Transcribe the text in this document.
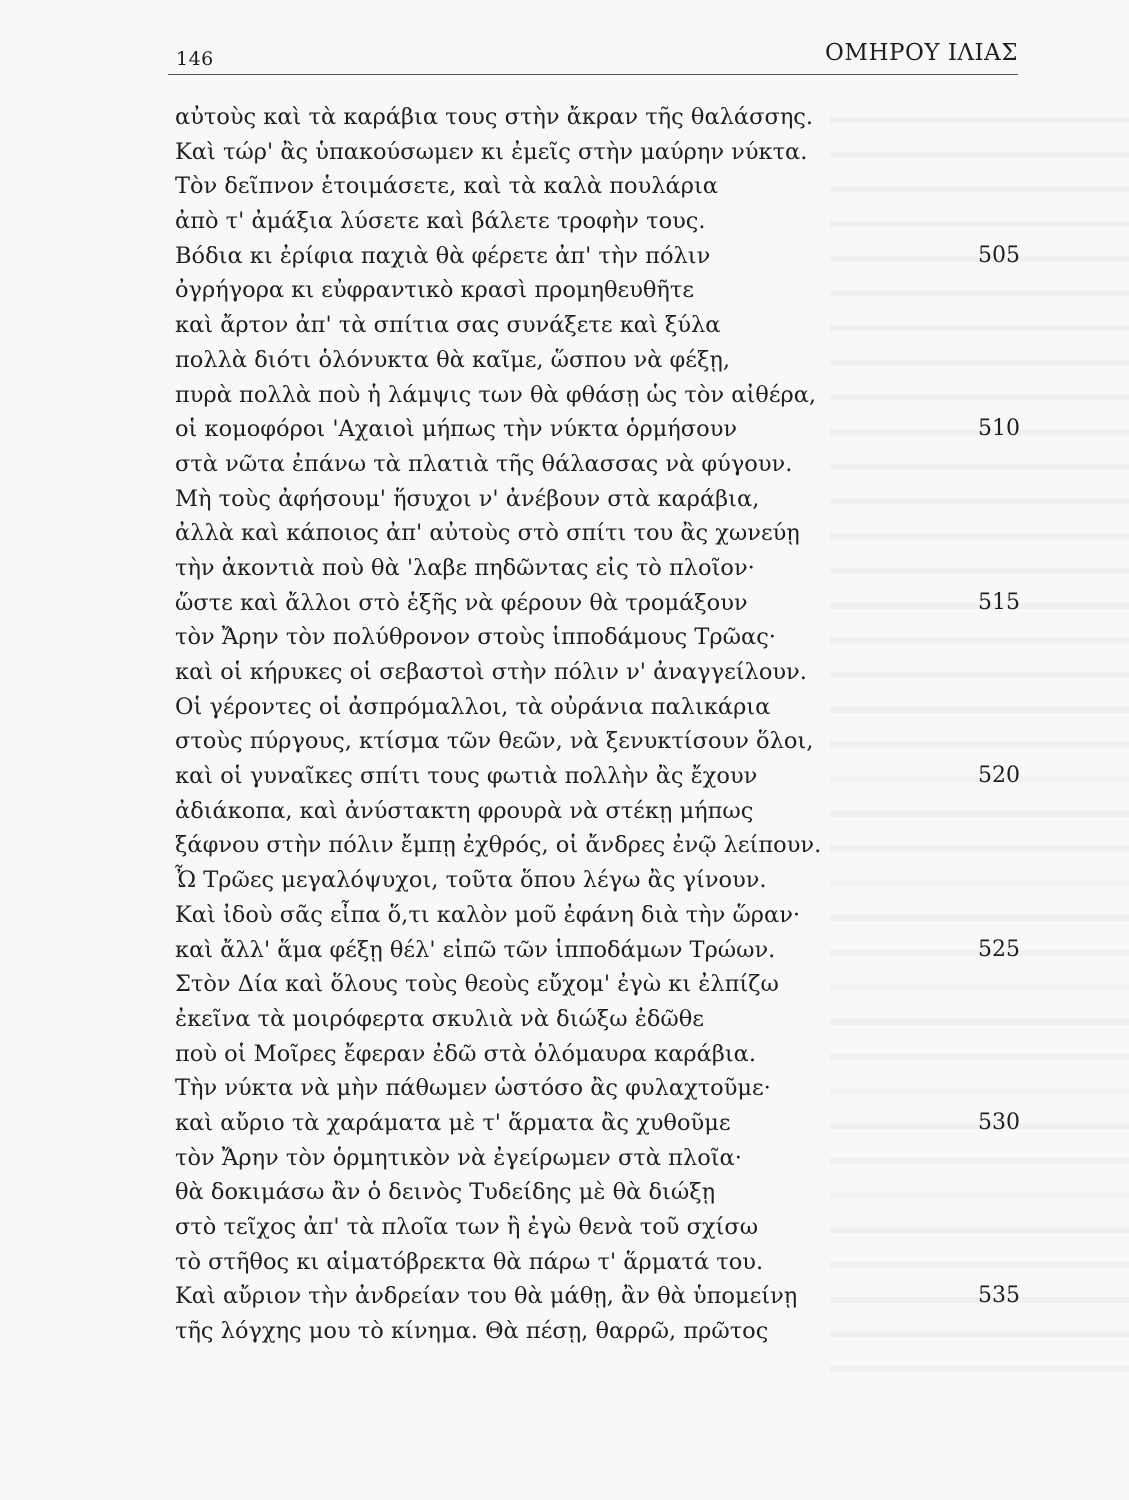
146	ΟΜΗΡΟΥ ΙΛΙΑΣ
αὐτοὺς καὶ τὰ καράβια τους στὴν ἄκραν τῆς θαλάσσης.
Καὶ τώρ' ἂς ὑπακούσωμεν κι ἐμεῖς στὴν μαύρην νύκτα.
Τὸν δεῖπνον ἑτοιμάσετε, καὶ τὰ καλὰ πουλάρια
ἀπὸ τ' ἀμάξια λύσετε καὶ βάλετε τροφὴν τους.
Βόδια κι ἐρίφια παχιὰ θὰ φέρετε ἀπ' τὴν πόλιν	505
ὀγρήγορα κι εὐφραντικὸ κρασὶ προμηθευθῆτε
καὶ ἄρτον ἀπ' τὰ σπίτια σας συνάξετε καὶ ξύλα
πολλὰ διότι ὁλόνυκτα θὰ καῖμε, ὥσπου νὰ φέξῃ,
πυρὰ πολλὰ ποὺ ἡ λάμψις των θὰ φθάσῃ ὡς τὸν αἰθέρα,
οἱ κομοφόροι 'Αχαιοὶ μήπως τὴν νύκτα ὁρμήσουν	510
στὰ νῶτα ἐπάνω τὰ πλατιὰ τῆς θάλασσας νὰ φύγουν.
Μὴ τοὺς ἀφήσουμ' ἥσυχοι ν' ἀνέβουν στὰ καράβια,
ἀλλὰ καὶ κάποιος ἀπ' αὐτοὺς στὸ σπίτι του ἂς χωνεύῃ
τὴν ἀκοντιὰ ποὺ θὰ 'λαβε πηδῶντας εἰς τὸ πλοῖον·
ὥστε καὶ ἄλλοι στὸ ἑξῆς νὰ φέρουν θὰ τρομάξουν	515
τὸν Ἄρην τὸν πολύθρονον στοὺς ἱπποδάμους Τρῶας·
καὶ οἱ κήρυκες οἱ σεβαστοὶ στὴν πόλιν ν' ἀναγγείλουν.
Οἱ γέροντες οἱ ἀσπρόμαλλοι, τὰ οὐράνια παλικάρια
στοὺς πύργους, κτίσμα τῶν θεῶν, νὰ ξενυκτίσουν ὅλοι,
καὶ οἱ γυναῖκες σπίτι τους φωτιὰ πολλὴν ἂς ἔχουν	520
ἀδιάκοπα, καὶ ἀνύστακτη φρουρὰ νὰ στέκῃ μήπως
ξάφνου στὴν πόλιν ἔμπῃ ἐχθρός, οἱ ἄνδρες ἐνῷ λείπουν.
Ὦ Τρῶες μεγαλόψυχοι, τοῦτα ὅπου λέγω ἂς γίνουν.
Καὶ ἰδοὺ σᾶς εἶπα ὅ,τι καλὸν μοῦ ἐφάνη διὰ τὴν ὥραν·
καὶ ἄλλ' ἅμα φέξῃ θέλ' εἰπῶ τῶν ἱπποδάμων Τρώων.	525
Στὸν Δία καὶ ὅλους τοὺς θεοὺς εὔχομ' ἐγὼ κι ἐλπίζω
ἐκεῖνα τὰ μοιρόφερτα σκυλιὰ νὰ διώξω ἐδῶθε
ποὺ οἱ Μοῖρες ἔφεραν ἐδῶ στὰ ὁλόμαυρα καράβια.
Τὴν νύκτα νὰ μὴν πάθωμεν ὡστόσο ἂς φυλαχτοῦμε·
καὶ αὔριο τὰ χαράματα μὲ τ' ἅρματα ἂς χυθοῦμε	530
τὸν Ἄρην τὸν ὁρμητικὸν νὰ ἐγείρωμεν στὰ πλοῖα·
θὰ δοκιμάσω ἂν ὁ δεινὸς Τυδείδης μὲ θὰ διώξῃ
στὸ τεῖχος ἀπ' τὰ πλοῖα των ἢ ἐγὼ θενὰ τοῦ σχίσω
τὸ στῆθος κι αἱματόβρεκτα θὰ πάρω τ' ἅρματά του.
Καὶ αὔριον τὴν ἀνδρείαν του θὰ μάθῃ, ἂν θὰ ὑπομείνῃ	535
τῆς λόγχης μου τὸ κίνημα. Θὰ πέσῃ, θαρρῶ, πρῶτος
